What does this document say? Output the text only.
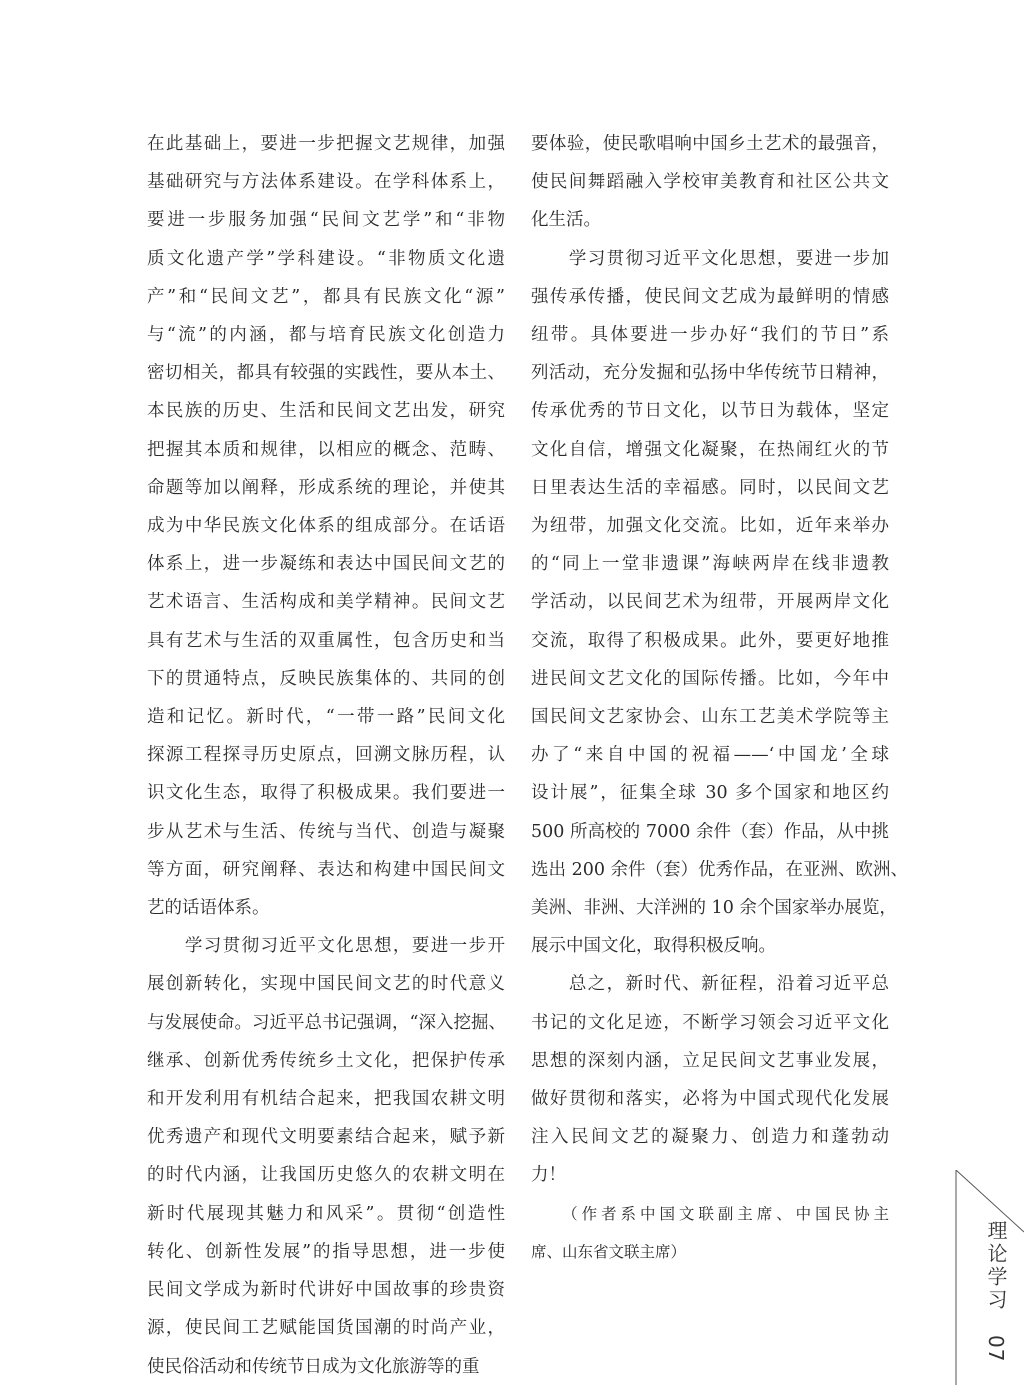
在此基础上，要进一步把握文艺规律，加强
基础研究与方法体系建设。在学科体系上，
要进一步服务加强“民间文艺学”和“非物
质文化遗产学”学科建设。“非物质文化遗
产”和“民间文艺”，都具有民族文化“源”
与“流”的内涵，都与培育民族文化创造力
密切相关，都具有较强的实践性，要从本土、
本民族的历史、生活和民间文艺出发，研究
把握其本质和规律，以相应的概念、范畴、
命题等加以阐释，形成系统的理论，并使其
成为中华民族文化体系的组成部分。在话语
体系上，进一步凝练和表达中国民间文艺的
艺术语言、生活构成和美学精神。民间文艺
具有艺术与生活的双重属性，包含历史和当
下的贯通特点，反映民族集体的、共同的创
造和记忆。新时代，“一带一路”民间文化
探源工程探寻历史原点，回溯文脉历程，认
识文化生态，取得了积极成果。我们要进一
步从艺术与生活、传统与当代、创造与凝聚
等方面，研究阐释、表达和构建中国民间文
艺的话语体系。
　　学习贯彻习近平文化思想，要进一步开
展创新转化，实现中国民间文艺的时代意义
与发展使命。习近平总书记强调，“深入挖掘、
继承、创新优秀传统乡土文化，把保护传承
和开发利用有机结合起来，把我国农耕文明
优秀遗产和现代文明要素结合起来，赋予新
的时代内涵，让我国历史悠久的农耕文明在
新时代展现其魅力和风采”。贯彻“创造性
转化、创新性发展”的指导思想，进一步使
民间文学成为新时代讲好中国故事的珍贵资
源，使民间工艺赋能国货国潮的时尚产业，
使民俗活动和传统节日成为文化旅游等的重
要体验，使民歌唱响中国乡土艺术的最强音，
使民间舞蹈融入学校审美教育和社区公共文
化生活。
　　学习贯彻习近平文化思想，要进一步加
强传承传播，使民间文艺成为最鲜明的情感
纽带。具体要进一步办好“我们的节日”系
列活动，充分发掘和弘扬中华传统节日精神，
传承优秀的节日文化，以节日为载体，坚定
文化自信，增强文化凝聚，在热闹红火的节
日里表达生活的幸福感。同时，以民间文艺
为纽带，加强文化交流。比如，近年来举办
的“同上一堂非遗课”海峡两岸在线非遗教
学活动，以民间艺术为纽带，开展两岸文化
交流，取得了积极成果。此外，要更好地推
进民间文艺文化的国际传播。比如，今年中
国民间文艺家协会、山东工艺美术学院等主
办了“来自中国的祝福——‘中国龙’全球
设计展”，征集全球 30 多个国家和地区约
500 所高校的 7000 余件（套）作品，从中挑
选出 200 余件（套）优秀作品，在亚洲、欧洲、
美洲、非洲、大洋洲的 10 余个国家举办展览，
展示中国文化，取得积极反响。
　　总之，新时代、新征程，沿着习近平总
书记的文化足迹，不断学习领会习近平文化
思想的深刻内涵，立足民间文艺事业发展，
做好贯彻和落实，必将为中国式现代化发展
注入民间文艺的凝聚力、创造力和蓬勃动
力！
　　（作者系中国文联副主席、中国民协主
席、山东省文联主席）	理论学习 07
